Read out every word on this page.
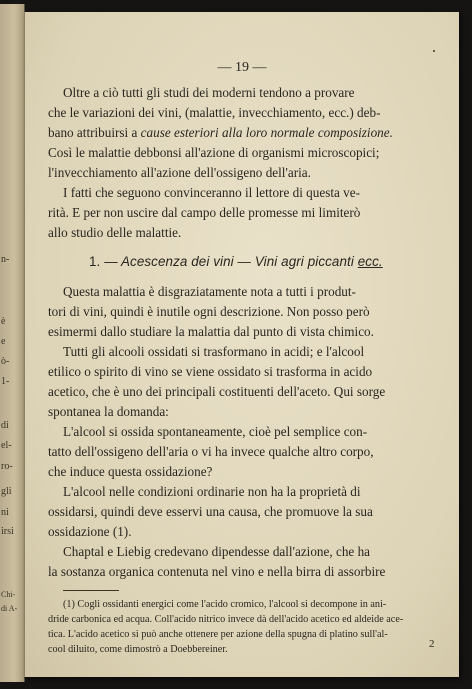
n-
è
e
ò-
1-
di
el-
ro-
gli
ni
irsi
Chi-
di A-
— 19 —
Oltre a ciò tutti gli studi dei moderni tendono a provare
che le variazioni dei vini, (malattie, invecchiamento, ecc.) deb-
bano attribuirsi a cause esteriori alla loro normale composizione.
Così le malattie debbonsi all'azione di organismi microscopici;
l'invecchiamento all'azione dell'ossigeno dell'aria.
I fatti che seguono convinceranno il lettore di questa ve-
rità. E per non uscire dal campo delle promesse mi limiterò
allo studio delle malattie.
1. — Acescenza dei vini — Vini agri piccanti ecc.
Questa malattia è disgraziatamente nota a tutti i produt-
tori di vini, quindi è inutile ogni descrizione. Non posso però
esimermi dallo studiare la malattia dal punto di vista chimico.
Tutti gli alcooli ossidati si trasformano in acidi; e l'alcool
etilico o spirito di vino se viene ossidato si trasforma in acido
acetico, che è uno dei principali costituenti dell'aceto. Qui sorge
spontanea la domanda:
L'alcool si ossida spontaneamente, cioè pel semplice con-
tatto dell'ossigeno dell'aria o vi ha invece qualche altro corpo,
che induce questa ossidazione?
L'alcool nelle condizioni ordinarie non ha la proprietà di
ossidarsi, quindi deve esservi una causa, che promuove la sua
ossidazione (1).
Chaptal e Liebig credevano dipendesse dall'azione, che ha
la sostanza organica contenuta nel vino e nella birra di assorbire
(1) Cogli ossidanti energici come l'acido cromico, l'alcool si decompone in ani-
dride carbonica ed acqua. Coll'acido nitrico invece dà dell'acido acetico ed aldeide ace-
tica. L'acido acetico si può anche ottenere per azione della spugna di platino sull'al-
cool diluito, come dimostrò a Doebbereiner.	2
